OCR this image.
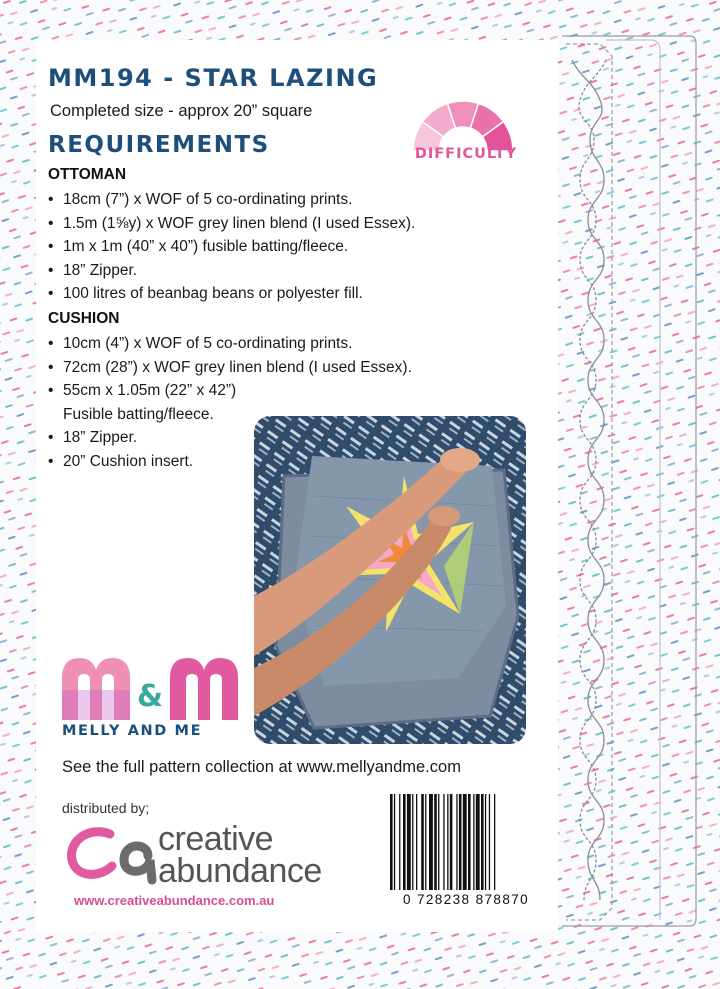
MM194 - STAR LAZING
Completed size - approx 20” square
REQUIREMENTS	DIFFICULTY
OTTOMAN
• 18cm (7”) x WOF of 5 co-ordinating prints.
• 1.5m (1⅝y) x WOF grey linen blend (I used Essex).
• 1m x 1m (40” x 40”) fusible batting/fleece.
• 18” Zipper.
• 100 litres of beanbag beans or polyester fill.
CUSHION
• 10cm (4”) x WOF of 5 co-ordinating prints.
• 72cm (28”) x WOF grey linen blend (I used Essex).
• 55cm x 1.05m (22” x 42”)
Fusible batting/fleece.
• 18” Zipper.
• 20” Cushion insert.
&
MELLY AND ME
See the full pattern collection at www.mellyandme.com
distributed by;
creative
abundance
www.creativeabundance.com.au	0 728238 878870
